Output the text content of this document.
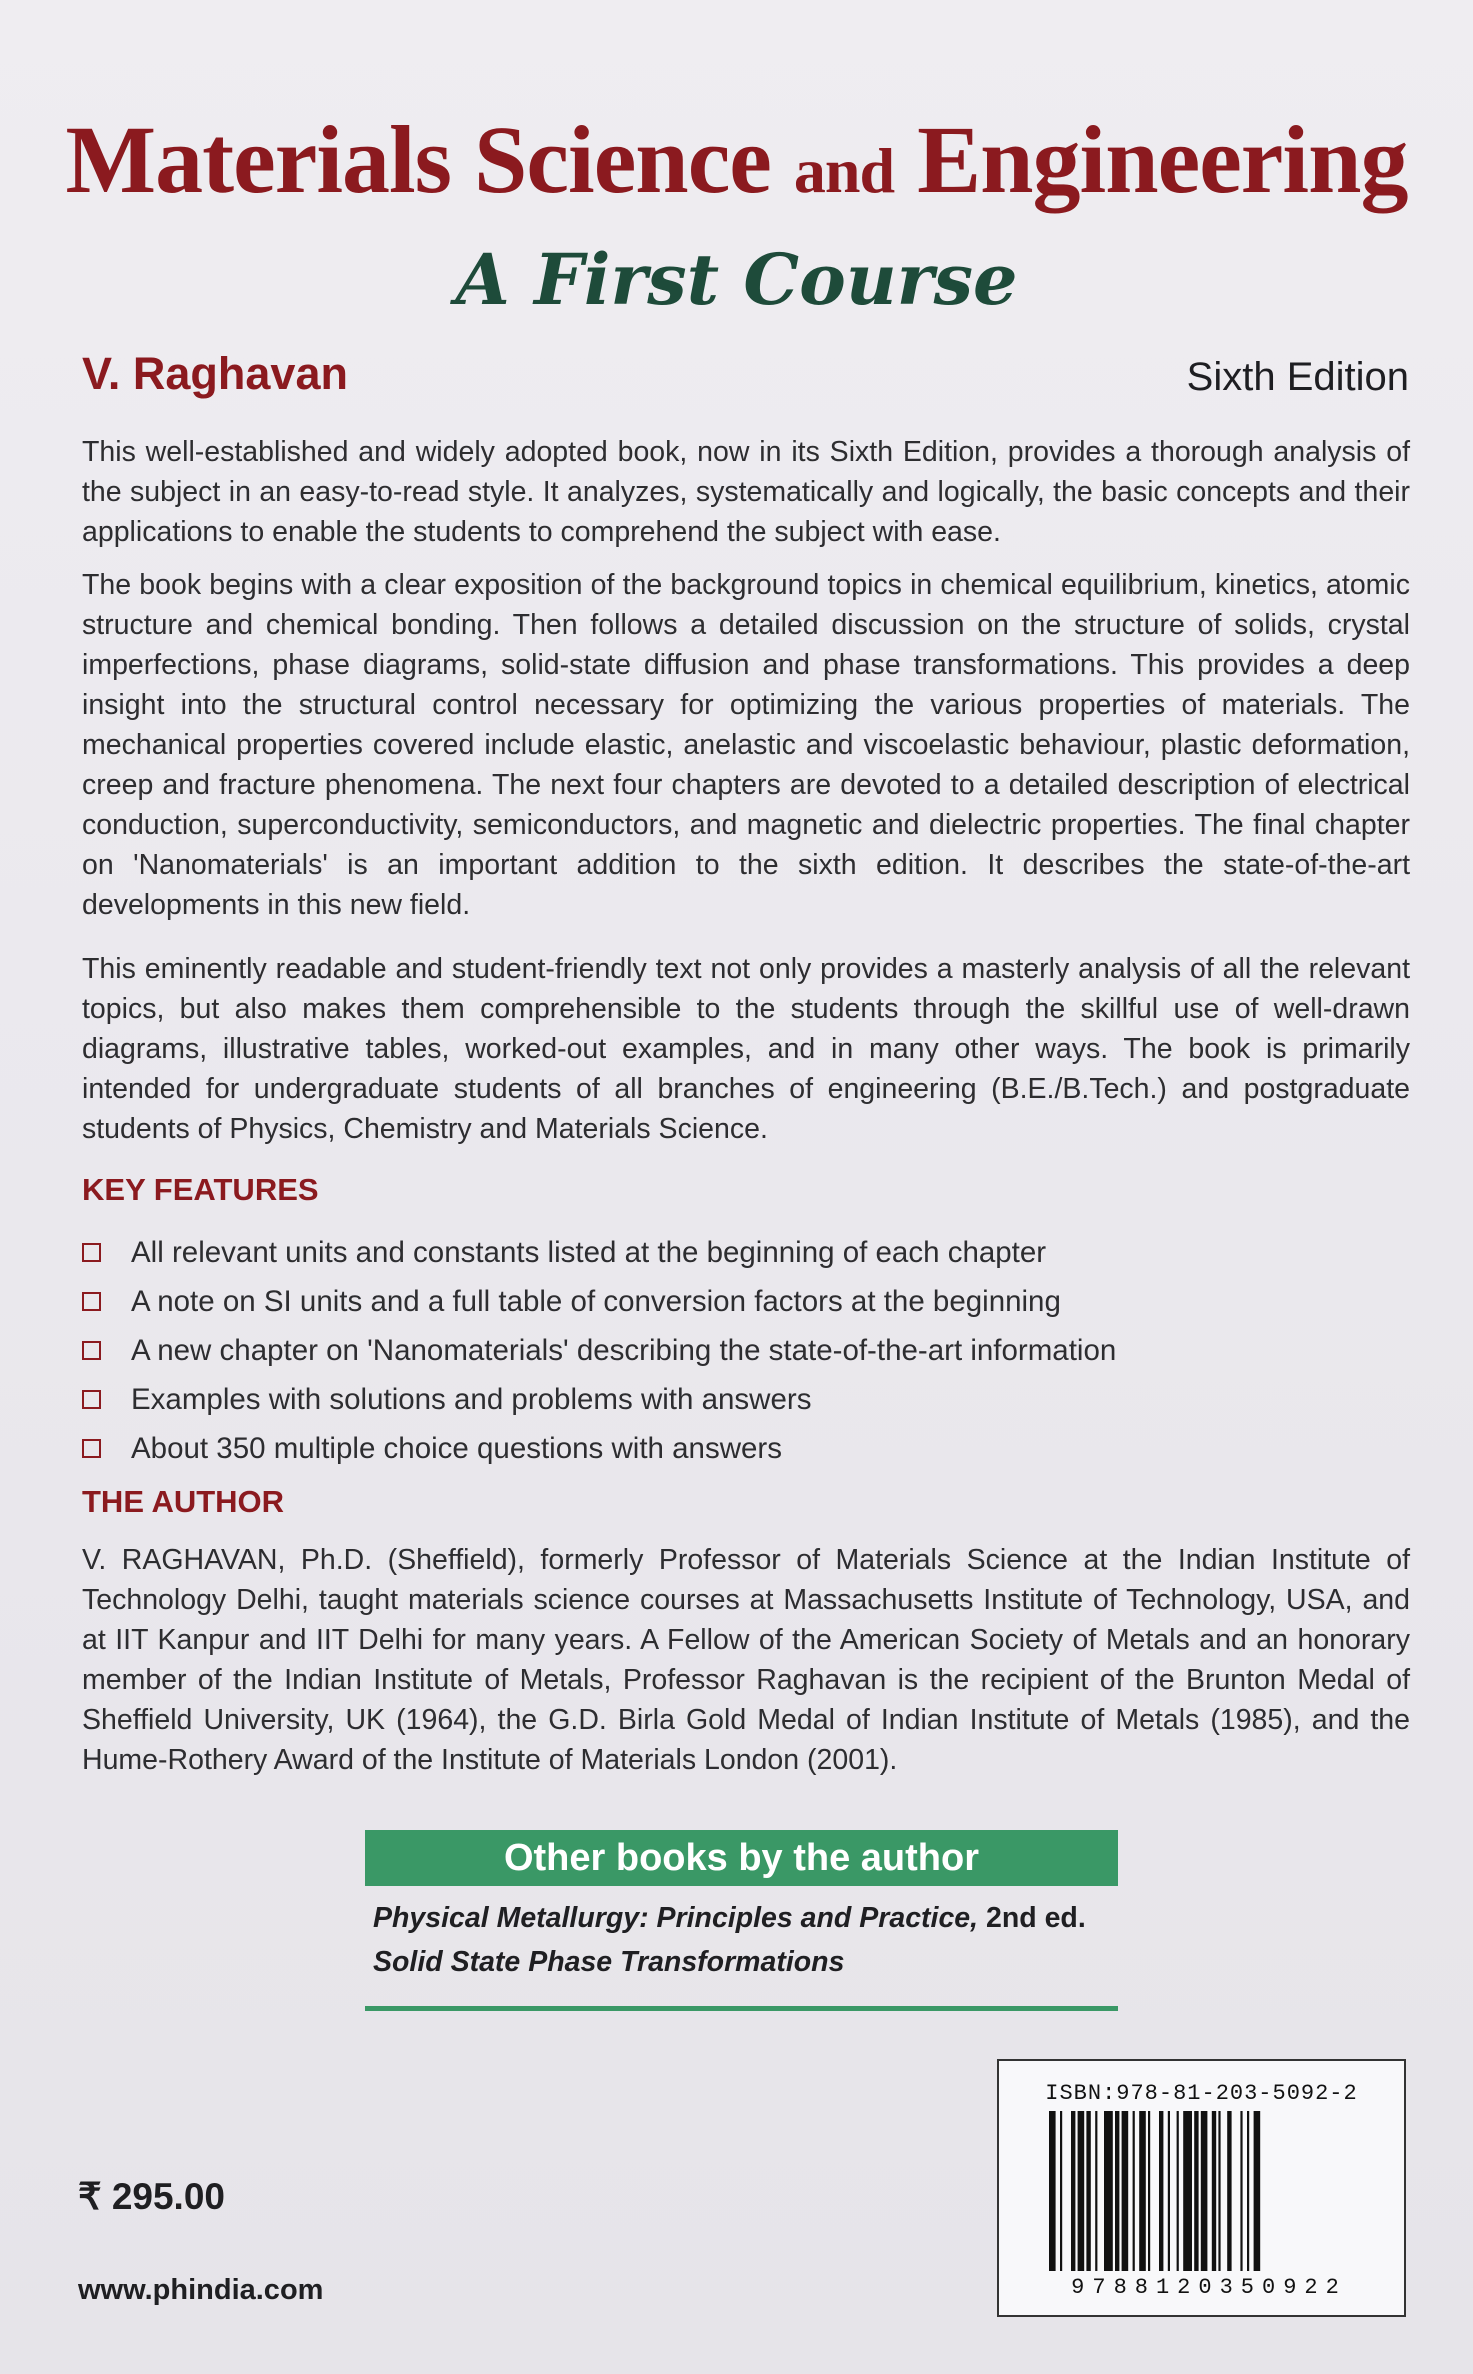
Materials Science and Engineering
A First Course
V. Raghavan	Sixth Edition

This well-established and widely adopted book, now in its Sixth Edition, provides a thorough analysis of the subject in an easy-to-read style. It analyzes, systematically and logically, the basic concepts and their applications to enable the students to comprehend the subject with ease.

The book begins with a clear exposition of the background topics in chemical equilibrium, kinetics, atomic structure and chemical bonding. Then follows a detailed discussion on the structure of solids, crystal imperfections, phase diagrams, solid-state diffusion and phase transformations. This provides a deep insight into the structural control necessary for optimizing the various properties of materials. The mechanical properties covered include elastic, anelastic and viscoelastic behaviour, plastic deformation, creep and fracture phenomena. The next four chapters are devoted to a detailed description of electrical conduction, superconductivity, semiconductors, and magnetic and dielectric properties. The final chapter on 'Nanomaterials' is an important addition to the sixth edition. It describes the state-of-the-art developments in this new field.

This eminently readable and student-friendly text not only provides a masterly analysis of all the relevant topics, but also makes them comprehensible to the students through the skillful use of well-drawn diagrams, illustrative tables, worked-out examples, and in many other ways. The book is primarily intended for undergraduate students of all branches of engineering (B.E./B.Tech.) and postgraduate students of Physics, Chemistry and Materials Science.

KEY FEATURES
All relevant units and constants listed at the beginning of each chapter
A note on SI units and a full table of conversion factors at the beginning
A new chapter on 'Nanomaterials' describing the state-of-the-art information
Examples with solutions and problems with answers
About 350 multiple choice questions with answers
THE AUTHOR

V. RAGHAVAN, Ph.D. (Sheffield), formerly Professor of Materials Science at the Indian Institute of Technology Delhi, taught materials science courses at Massachusetts Institute of Technology, USA, and at IIT Kanpur and IIT Delhi for many years. A Fellow of the American Society of Metals and an honorary member of the Indian Institute of Metals, Professor Raghavan is the recipient of the Brunton Medal of Sheffield University, UK (1964), the G.D. Birla Gold Medal of Indian Institute of Metals (1985), and the Hume-Rothery Award of the Institute of Materials London (2001).

Other books by the author
Physical Metallurgy: Principles and Practice, 2nd ed.
Solid State Phase Transformations
ISBN:978-81-203-5092-2
9788120350922
₹ 295.00
www.phindia.com
